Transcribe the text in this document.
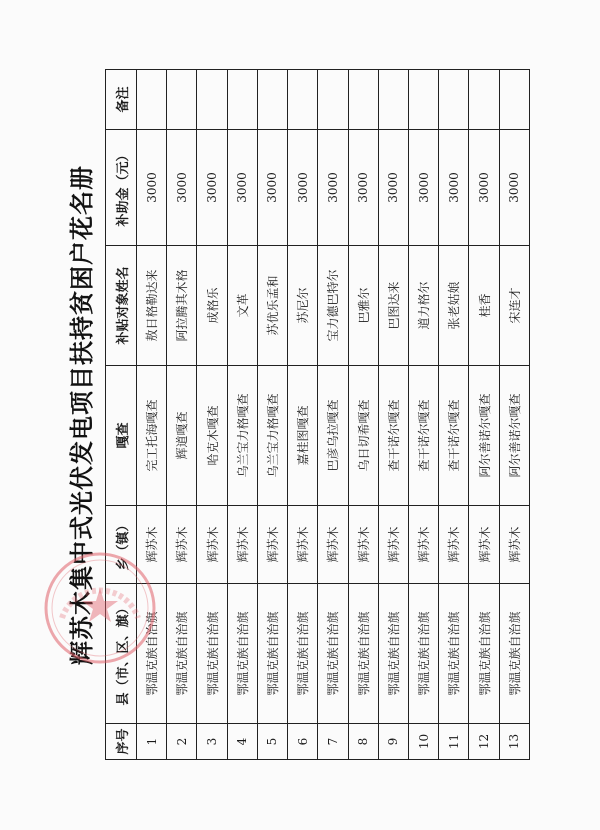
辉苏木集中式光伏发电项目扶持贫困户花名册
序号	县（市、区、旗）	乡（镇）	嘎查	补贴对象姓名	补助金（元）	备注
1	鄂温克族自治旗	辉苏木	完工托海嘎查	敖日格勒达来	3000	
2	鄂温克族自治旗	辉苏木	辉道嘎查	阿拉腾其木格	3000	
3	鄂温克族自治旗	辉苏木	哈克木嘎查	成格乐	3000	
4	鄂温克族自治旗	辉苏木	乌兰宝力格嘎查	文革	3000	
5	鄂温克族自治旗	辉苏木	乌兰宝力格嘎查	苏优乐孟和	3000	
6	鄂温克族自治旗	辉苏木	嘉桂图嘎查	苏尼尔	3000	
7	鄂温克族自治旗	辉苏木	巴彦乌拉嘎查	宝力德巴特尔	3000	
8	鄂温克族自治旗	辉苏木	乌日切希嘎查	巴雅尔	3000	
9	鄂温克族自治旗	辉苏木	查干诺尔嘎查	巴图达来	3000	
10	鄂温克族自治旗	辉苏木	查干诺尔嘎查	道力格尔	3000	
11	鄂温克族自治旗	辉苏木	查干诺尔嘎查	张老姑娘	3000	
12	鄂温克族自治旗	辉苏木	阿尔善诺尔嘎查	桂香	3000	
13	鄂温克族自治旗	辉苏木	阿尔善诺尔嘎查	宋连才	3000	
